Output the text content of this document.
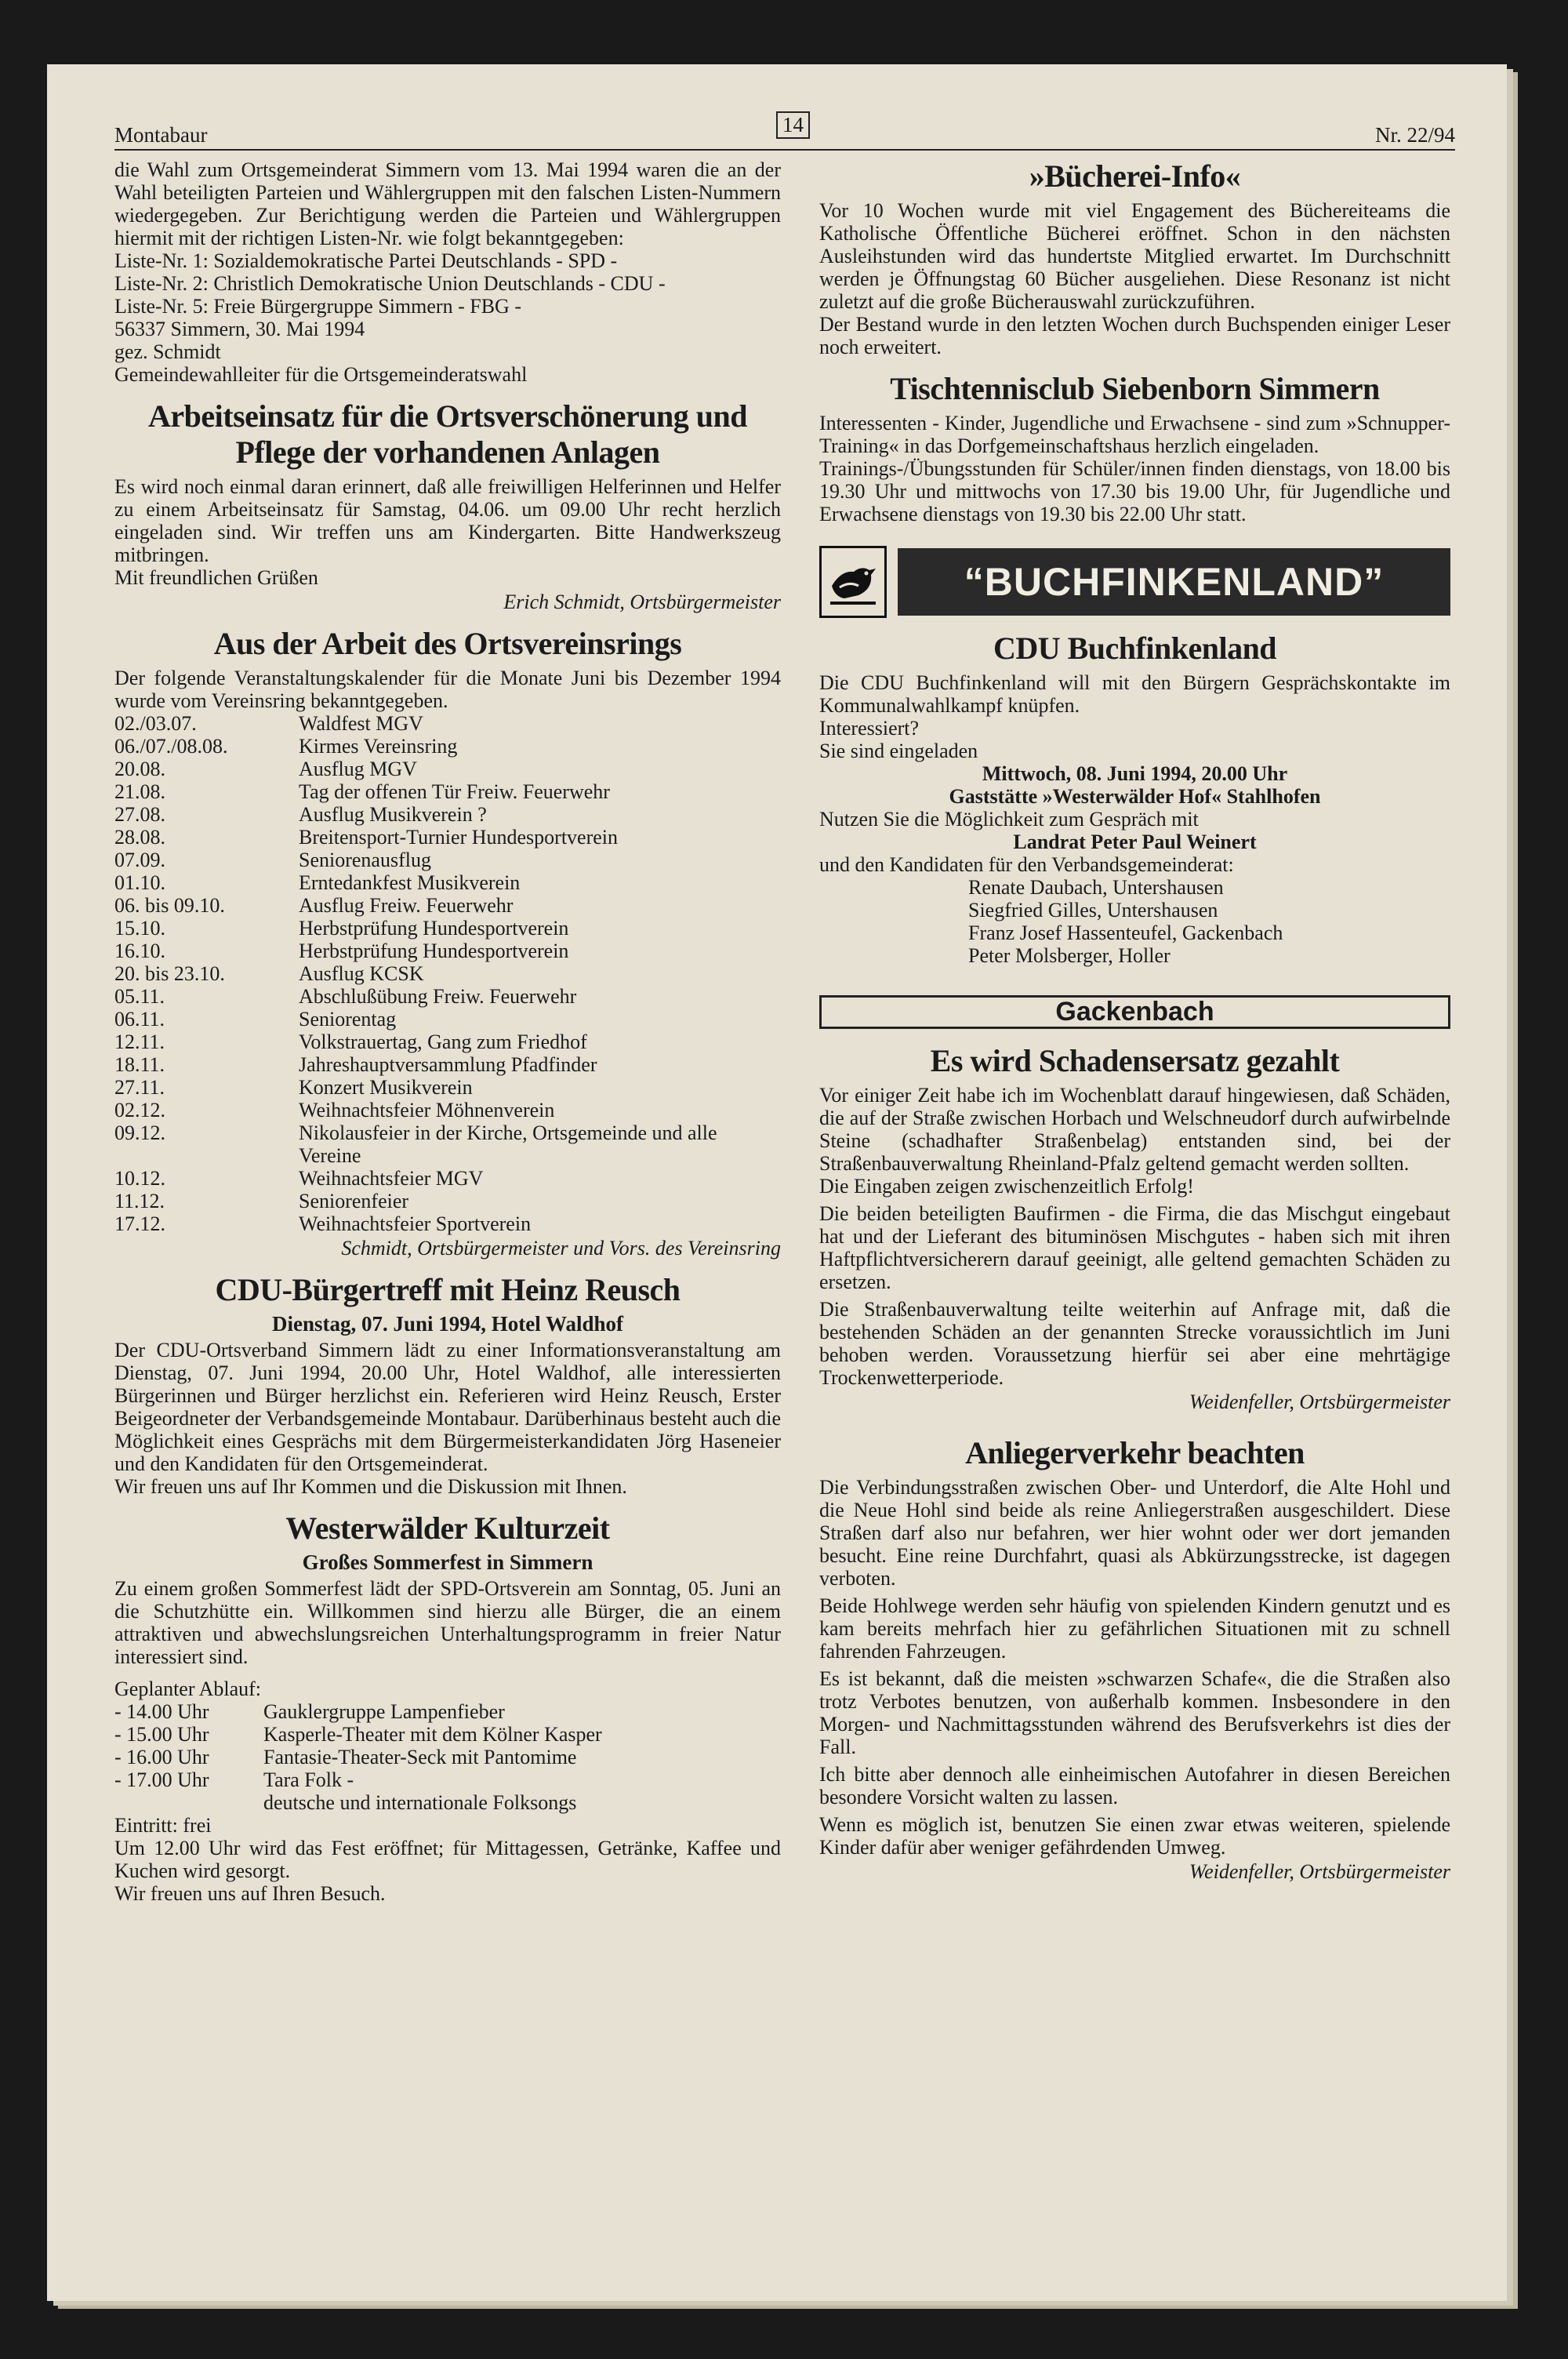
Montabaur	14	Nr. 22/94

die Wahl zum Ortsgemeinderat Simmern vom 13. Mai 1994 waren die an der Wahl beteiligten Parteien und Wählergruppen mit den falschen Listen-Nummern wiedergegeben. Zur Berichtigung werden die Parteien und Wählergruppen hiermit mit der richtigen Listen-Nr. wie folgt bekanntgegeben:

Liste-Nr. 1: Sozialdemokratische Partei Deutschlands - SPD -

Liste-Nr. 2: Christlich Demokratische Union Deutschlands - CDU -

Liste-Nr. 5: Freie Bürgergruppe Simmern - FBG -

56337 Simmern, 30. Mai 1994

gez. Schmidt

Gemeindewahlleiter für die Ortsgemeinderatswahl

Arbeitseinsatz für die Ortsverschönerung und Pflege der vorhandenen Anlagen

Es wird noch einmal daran erinnert, daß alle freiwilligen Helferinnen und Helfer zu einem Arbeitseinsatz für Samstag, 04.06. um 09.00 Uhr recht herzlich eingeladen sind. Wir treffen uns am Kindergarten. Bitte Handwerkszeug mitbringen.

Mit freundlichen Grüßen

Erich Schmidt, Ortsbürgermeister

Aus der Arbeit des Ortsvereinsrings

Der folgende Veranstaltungskalender für die Monate Juni bis Dezember 1994 wurde vom Vereinsring bekanntgegeben.

02./03.07.	Waldfest MGV
06./07./08.08.	Kirmes Vereinsring
20.08.	Ausflug MGV
21.08.	Tag der offenen Tür Freiw. Feuerwehr
27.08.	Ausflug Musikverein ?
28.08.	Breitensport-Turnier Hundesportverein
07.09.	Seniorenausflug
01.10.	Erntedankfest Musikverein
06. bis 09.10.	Ausflug Freiw. Feuerwehr
15.10.	Herbstprüfung Hundesportverein
16.10.	Herbstprüfung Hundesportverein
20. bis 23.10.	Ausflug KCSK
05.11.	Abschlußübung Freiw. Feuerwehr
06.11.	Seniorentag
12.11.	Volkstrauertag, Gang zum Friedhof
18.11.	Jahreshauptversammlung Pfadfinder
27.11.	Konzert Musikverein
02.12.	Weihnachtsfeier Möhnenverein
09.12.	Nikolausfeier in der Kirche, Ortsgemeinde und alle Vereine
10.12.	Weihnachtsfeier MGV
11.12.	Seniorenfeier
17.12.	Weihnachtsfeier Sportverein

Schmidt, Ortsbürgermeister und Vors. des Vereinsring

CDU-Bürgertreff mit Heinz Reusch
Dienstag, 07. Juni 1994, Hotel Waldhof

Der CDU-Ortsverband Simmern lädt zu einer Informationsveranstaltung am Dienstag, 07. Juni 1994, 20.00 Uhr, Hotel Waldhof, alle interessierten Bürgerinnen und Bürger herzlichst ein. Referieren wird Heinz Reusch, Erster Beigeordneter der Verbandsgemeinde Montabaur. Darüberhinaus besteht auch die Möglichkeit eines Gesprächs mit dem Bürgermeisterkandidaten Jörg Haseneier und den Kandidaten für den Ortsgemeinderat.

Wir freuen uns auf Ihr Kommen und die Diskussion mit Ihnen.

Westerwälder Kulturzeit
Großes Sommerfest in Simmern

Zu einem großen Sommerfest lädt der SPD-Ortsverein am Sonntag, 05. Juni an die Schutzhütte ein. Willkommen sind hierzu alle Bürger, die an einem attraktiven und abwechslungsreichen Unterhaltungsprogramm in freier Natur interessiert sind.

Geplanter Ablauf:

- 14.00 Uhr	Gauklergruppe Lampenfieber
- 15.00 Uhr	Kasperle-Theater mit dem Kölner Kasper
- 16.00 Uhr	Fantasie-Theater-Seck mit Pantomime
- 17.00 Uhr	Tara Folk -

deutsche und internationale Folksongs

Eintritt: frei

Um 12.00 Uhr wird das Fest eröffnet; für Mittagessen, Getränke, Kaffee und Kuchen wird gesorgt.

Wir freuen uns auf Ihren Besuch.

»Bücherei-Info«

Vor 10 Wochen wurde mit viel Engagement des Büchereiteams die Katholische Öffentliche Bücherei eröffnet. Schon in den nächsten Ausleihstunden wird das hundertste Mitglied erwartet. Im Durchschnitt werden je Öffnungstag 60 Bücher ausgeliehen. Diese Resonanz ist nicht zuletzt auf die große Bücherauswahl zurückzuführen.

Der Bestand wurde in den letzten Wochen durch Buchspenden einiger Leser noch erweitert.

Tischtennisclub Siebenborn Simmern

Interessenten - Kinder, Jugendliche und Erwachsene - sind zum »Schnupper-Training« in das Dorfgemeinschaftshaus herzlich eingeladen.

Trainings-/Übungsstunden für Schüler/innen finden dienstags, von 18.00 bis 19.30 Uhr und mittwochs von 17.30 bis 19.00 Uhr, für Jugendliche und Erwachsene dienstags von 19.30 bis 22.00 Uhr statt.

“BUCHFINKENLAND”
CDU Buchfinkenland

Die CDU Buchfinkenland will mit den Bürgern Gesprächskontakte im Kommunalwahlkampf knüpfen.

Interessiert?

Sie sind eingeladen

Mittwoch, 08. Juni 1994, 20.00 Uhr

Gaststätte »Westerwälder Hof« Stahlhofen

Nutzen Sie die Möglichkeit zum Gespräch mit

Landrat Peter Paul Weinert

und den Kandidaten für den Verbandsgemeinderat:

Renate Daubach, Untershausen

Siegfried Gilles, Untershausen

Franz Josef Hassenteufel, Gackenbach

Peter Molsberger, Holler

Gackenbach
Es wird Schadensersatz gezahlt

Vor einiger Zeit habe ich im Wochenblatt darauf hingewiesen, daß Schäden, die auf der Straße zwischen Horbach und Welschneudorf durch aufwirbelnde Steine (schadhafter Straßenbelag) entstanden sind, bei der Straßenbauverwaltung Rheinland-Pfalz geltend gemacht werden sollten.

Die Eingaben zeigen zwischenzeitlich Erfolg!

Die beiden beteiligten Baufirmen - die Firma, die das Mischgut eingebaut hat und der Lieferant des bituminösen Mischgutes - haben sich mit ihren Haftpflichtversicherern darauf geeinigt, alle geltend gemachten Schäden zu ersetzen.

Die Straßenbauverwaltung teilte weiterhin auf Anfrage mit, daß die bestehenden Schäden an der genannten Strecke voraussichtlich im Juni behoben werden. Voraussetzung hierfür sei aber eine mehrtägige Trockenwetterperiode.

Weidenfeller, Ortsbürgermeister

Anliegerverkehr beachten

Die Verbindungsstraßen zwischen Ober- und Unterdorf, die Alte Hohl und die Neue Hohl sind beide als reine Anliegerstraßen ausgeschildert. Diese Straßen darf also nur befahren, wer hier wohnt oder wer dort jemanden besucht. Eine reine Durchfahrt, quasi als Abkürzungsstrecke, ist dagegen verboten.

Beide Hohlwege werden sehr häufig von spielenden Kindern genutzt und es kam bereits mehrfach hier zu gefährlichen Situationen mit zu schnell fahrenden Fahrzeugen.

Es ist bekannt, daß die meisten »schwarzen Schafe«, die die Straßen also trotz Verbotes benutzen, von außerhalb kommen. Insbesondere in den Morgen- und Nachmittagsstunden während des Berufsverkehrs ist dies der Fall.

Ich bitte aber dennoch alle einheimischen Autofahrer in diesen Bereichen besondere Vorsicht walten zu lassen.

Wenn es möglich ist, benutzen Sie einen zwar etwas weiteren, spielende Kinder dafür aber weniger gefährdenden Umweg.

Weidenfeller, Ortsbürgermeister
